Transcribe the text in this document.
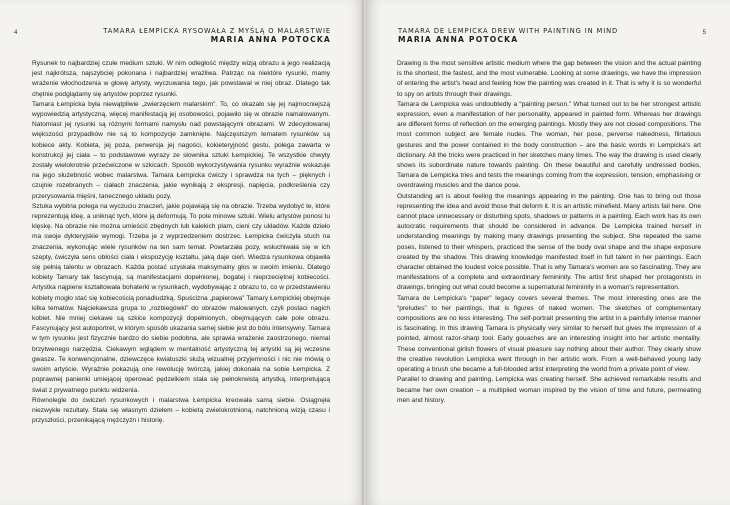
4	TAMARA ŁEMPICKA RYSOWAŁA Z MYŚLĄ O MALARSTWIE
MARIA ANNA POTOCKA

Rysunek to najbardziej czułe medium sztuki. W nim odległość między wizją obrazu a jego realizacją jest najkrótsza, najszybciej pokonana i najbardziej wrażliwa. Patrząc na niektóre rysunki, mamy wrażenie włochodzenia w głowę artysty, wyczuwania tego, jak powstawał w niej obraz. Dlatego tak chętnie podglądamy się artystów poprzez rysunki.

Tamara Łempicka była niewątpliwie „zwierzęciem malarskim”. To, co okazało się jej najmocniejszą wypowiedzią artystyczną, więcej manifestacją jej osobowości, pojawiło się w obrazie namalowanym. Natomiast jej rysunki są różnymi formami namysłu nad powstającymi obrazami. W zdecydowanej większości przypadków nie są to kompozycje zamknięte. Najczęstszym tematem rysunków są kobiece akty. Kobieta, jej poza, perwersja jej nagości, kokieteryjność gestu, połega zawarta w konstrukcji jej ciała – to podstawowe wyrazy ze słownika sztuki Łempickiej. Te wszystkie chwyty zostały wielokrotnie przećwiczone w szkicach. Sposób wykorzystywania rysunku wyraźnie wskazuje na jego służebność wobec malarstwa. Tamara Łempicka ćwiczy i sprawdza na tych – pięknych i czujnie rozebranych – ciałach znaczenia, jakie wynikają z ekspresji, napięcia, podkreślenia czy przerysowania mięśni, tanecznego układu pozy.

Sztuka wybitna polega na wyczuciu znaczeń, jakie pojawiają się na obrazie. Trzeba wydobyć te, które reprezentują ideę, a uniknąć tych, które ją deformują. To pole minowe sztuki. Wielu artystów ponosi tu klęskę. Na obrazie nie można umieścić zbędnych lub kalekich plam, cieni czy układów. Każde dzieło ma swoje dykteryjskie wymogi. Trzeba je z wyprzedzeniem dostrzec. Łempicka ćwiczyła stuch na znaczenia, wykonując wiele rysunków na ten sam temat. Powtarzała pozy, wsłuchiwała się w ich szepty, ćwiczyła sens obłości ciała i ekspozycję kształtu, jaką daje cień. Wiedza rysunkowa objawiła się pełnią talentu w obrazach. Każda postać uzyskała maksymalny głos w swoim imieniu. Dlatego kobiety Tamary tak fascynują, są manifestacjami dopełnionej, bogatej i nieprzeciętnej kobiecości. Artystka najpierw kształtowała bohaterki w rysunkach, wydobywając z obrazu to, co w przedstawieniu kobiety mogło stać się kobiecością ponadludzką. Spuścizna „papierowa” Tamary Łempickiej obejmuje kilka tematów. Najciekawsza grupa to „rozbiegówki” do obrazów malowanych, czyli postaci nagich kobiet. Nie mniej ciekawe są szkice kompozycji dopełnionych, obejmujących całe pole obrazu. Fascynujący jest autoportret, w którym sposób ukazania samej siebie jest do bólu intensywny. Tamara w tym rysunku jest fizycznie bardzo do siebie podobna, ale sprawia wrażenie zaostrzonego, niemal brzytwenego narzędzia. Ciekawym wglądem w mentalność artystyczną tej artystki są jej wczesne gwasze. Te konwencjonalne, dziewczęce kwiatuszki służą wizualnej przyjemności i nic nie mówią o swoim artyście. Wyraźnie pokazują one rewolucję twórczą, jakiej dokonała na sobie Łempicka. Z poprawnej panienki umiejącej operować pędzelkiem stała się pełnokrwistą artystką, interpretującą świat z prywatnego punktu widzenia.

Równolegle do ćwiczeń rysunkowych i malarstwa Łempicka kreowała samą siebie. Osiągnęła niezwykłe rezultaty. Stała się własnym dziełem – kobietą zwielokrotnioną, natchnioną wizją czasu i przyszłości, przenikającą mężczyzn i historię.

5
TAMARA DE LEMPICKA DREW WITH PAINTING IN MIND
MARIA ANNA POTOCKA

Drawing is the most sensitive artistic medium where the gap between the vision and the actual painting is the shortest, the fastest, and the most vulnerable. Looking at some drawings, we have the impression of entering the artist's head and feeling how the painting was created in it. That is why it is so wonderful to spy on artists through their drawings.

Tamara de Lempicka was undoubtedly a “painting person.” What turned out to be her strongest artistic expression, even a manifestation of her personality, appeared in painted form. Whereas her drawings are different forms of reflection on the emerging paintings. Mostly they are not closed compositions. The most common subject are female nudes. The woman, her pose, perverse nakedness, flirtatious gestures and the power contained in the body construction – are the basic words in Lempicka's art dictionary. All the tricks were practiced in her sketches many times. The way the drawing is used clearly shows its subordinate nature towards painting. On these beautiful and carefully undressed bodies, Tamara de Lempicka tries and tests the meanings coming from the expression, tension, emphasising or overdrawing muscles and the dance pose.

Outstanding art is about feeling the meanings appearing in the painting. One has to bring out those representing the idea and avoid those that deform it. It is an artistic minefield. Many artists fail here. One cannot place unnecessary or disturbing spots, shadows or patterns in a painting. Each work has its own autocratic requirements that should be considered in advance. De Lempicka trained herself in understanding meanings by making many drawings presenting the subject. She repeated the same poses, listened to their whispers, practiced the sense of the body oval shape and the shape exposure created by the shadow. This drawing knowledge manifested itself in full talent in her paintings. Each character obtained the loudest voice possible. That is why Tamara's women are so fascinating. They are manifestations of a complete and extraordinary femininity. The artist first shaped her protagonists in drawings, bringing out what could become a supernatural femininity in a woman's representation.

Tamara de Lempicka's “paper” legacy covers several themes. The most interesting ones are the “preludes” to her paintings, that is figures of naked women. The sketches of complementary compositions are no less interesting. The self-portrait presenting the artist in a painfully intense manner is fascinating. In this drawing Tamara is physically very similar to herself but gives the impression of a pointed, almost razor-sharp tool. Early gouaches are an interesting insight into her artistic mentality. These conventional girlish flowers of visual pleasure say nothing about their author. They clearly show the creative revolution Lempicka went through in her artistic work. From a well-behaved young lady operating a brush she became a full-blooded artist interpreting the world from a private point of view.

Parallel to drawing and painting, Lempicka was creating herself. She achieved remarkable results and became her own creation – a multiplied woman inspired by the vision of time and future, permeating men and history.
